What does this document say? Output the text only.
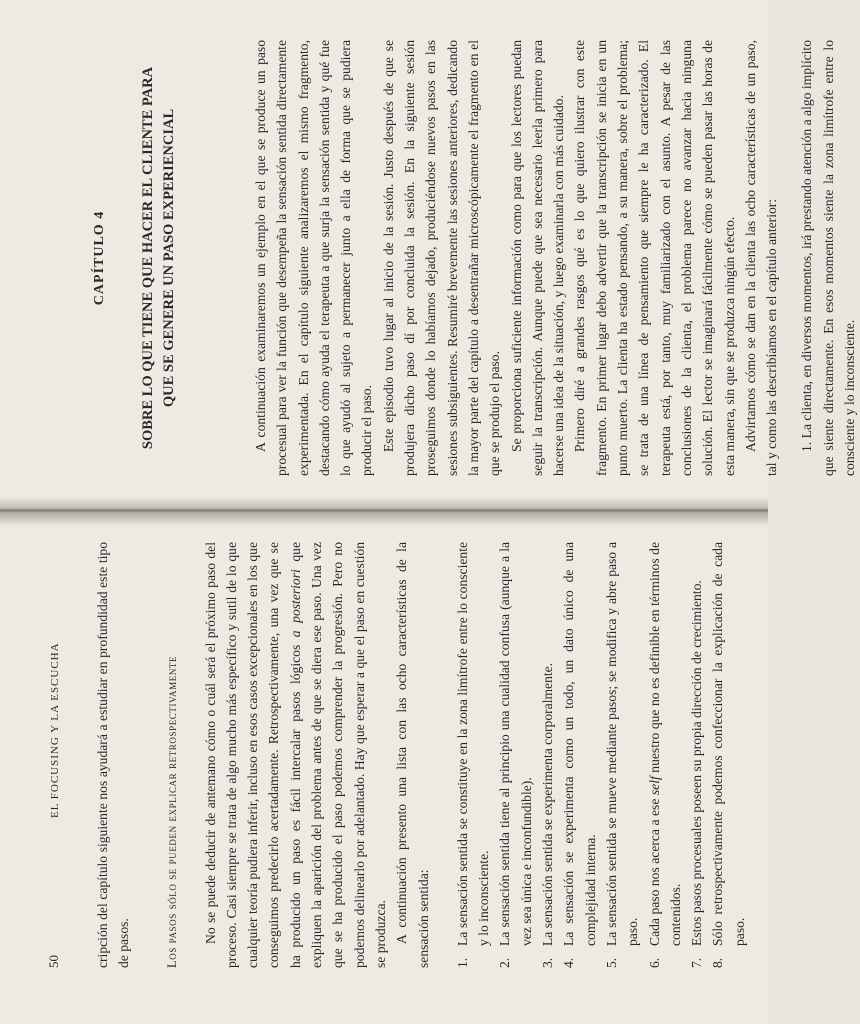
50
EL FOCUSING Y LA ESCUCHA	cripción del capítulo siguiente nos ayudará a estudiar en profundidad este tipo de pasos.	Los pasos sólo se pueden explicar retrospectivamente No se puede deducir de antemano cómo o cuál será el próximo paso del proceso. Casi siempre se trata de algo mucho más específico y sutil de lo que cualquier teoría pudiera inferir, incluso en esos casos excepcionales en los que conseguimos predecirlo acertadamente. Retrospectivamente, una vez que se ha producido un paso es fácil intercalar pasos lógicos a posteriori que expliquen la aparición del problema antes de que se diera ese paso. Una vez que se ha producido el paso podemos comprender la progresión. Pero no podemos delinearlo por adelantado. Hay que esperar a que el paso en cuestión se produzca. A continuación presento una lista con las ocho características de la sensación sentida: 1.
La sensación sentida se constituye en la zona limítrofe entre lo consciente y lo inconsciente.
2.
La sensación sentida tiene al principio una cualidad confusa (aunque a la vez sea única e inconfundible).
3.
La sensación sentida se experimenta corporalmente.
4.
La sensación se experimenta como un todo, un dato único de una complejidad interna.
5.
La sensación sentida se mueve mediante pasos; se modifica y abre paso a paso.
6.
Cada paso nos acerca a ese self nuestro que no es definible en términos de contenidos.
7.
Estos pasos procesuales poseen su propia dirección de crecimiento.
8.
Sólo retrospectivamente podemos confeccionar la explicación de cada paso.
CAPÍTULO 4 SOBRE LO QUE TIENE QUE HACER EL CLIENTE PARA QUE SE GENERE UN PASO EXPERIENCIAL	A continuación examinaremos un ejemplo en el que se produce un paso procesual para ver la función que desempeña la sensación sentida directamente experimentada. En el capítulo siguiente analizaremos el mismo fragmento, destacando cómo ayuda el terapeuta a que surja la sensación sentida y qué fue lo que ayudó al sujeto a permanecer junto a ella de forma que se pudiera producir el paso. Este episodio tuvo lugar al inicio de la sesión. Justo después de que se produjera dicho paso dí por concluida la sesión. En la siguiente sesión proseguimos donde lo habíamos dejado, produciéndose nuevos pasos en las sesiones subsiguientes. Resumiré brevemente las sesiones anteriores, dedicando la mayor parte del capítulo a desentrañar microscópicamente el fragmento en el que se produjo el paso. Se proporciona suficiente información como para que los lectores puedan seguir la transcripción. Aunque puede que sea necesario leerla primero para hacerse una idea de la situación, y luego examinarla con más cuidado. Primero diré a grandes rasgos qué es lo que quiero ilustrar con este fragmento. En primer lugar debo advertir que la transcripción se inicia en un punto muerto. La clienta ha estado pensando, a su manera, sobre el problema; se trata de una línea de pensamiento que siempre le ha caracterizado. El terapeuta está, por tanto, muy familiarizado con el asunto. A pesar de las conclusiones de la clienta, el problema parece no avanzar hacia ninguna solución. El lector se imaginará fácilmente cómo se pueden pasar las horas de esta manera, sin que se produzca ningún efecto. Advirtamos cómo se dan en la clienta las ocho características de un paso, tal y como las describíamos en el capítulo anterior: 1. La clienta, en diversos momentos, irá prestando atención a algo implícito que siente directamente. En esos momentos siente la zona limítrofe entre lo consciente y lo inconsciente.
